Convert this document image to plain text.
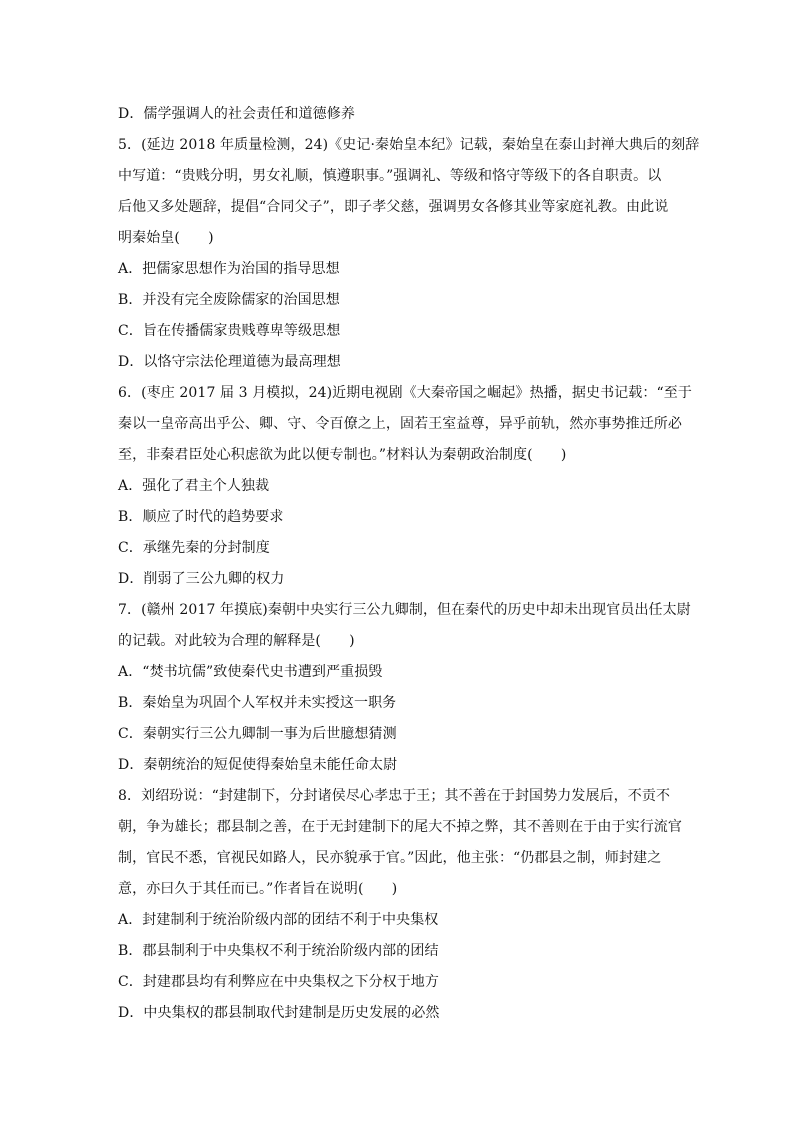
D．儒学强调人的社会责任和道德修养
5．(延边 2018 年质量检测，24)《史记·秦始皇本纪》记载，秦始皇在泰山封禅大典后的刻辞
中写道：“贵贱分明，男女礼顺，慎遵职事。”强调礼、等级和恪守等级下的各自职责。以
后他又多处题辞，提倡“合同父子”，即子孝父慈，强调男女各修其业等家庭礼教。由此说
明秦始皇(　　)
A．把儒家思想作为治国的指导思想
B．并没有完全废除儒家的治国思想
C．旨在传播儒家贵贱尊卑等级思想
D．以恪守宗法伦理道德为最高理想
6．(枣庄 2017 届 3 月模拟，24)近期电视剧《大秦帝国之崛起》热播，据史书记载：“至于
秦以一皇帝高出乎公、卿、守、令百僚之上，固若王室益尊，异乎前轨，然亦事势推迁所必
至，非秦君臣处心积虑欲为此以便专制也。”材料认为秦朝政治制度(　　)
A．强化了君主个人独裁
B．顺应了时代的趋势要求
C．承继先秦的分封制度
D．削弱了三公九卿的权力
7．(赣州 2017 年摸底)秦朝中央实行三公九卿制，但在秦代的历史中却未出现官员出任太尉
的记载。对此较为合理的解释是(　　)
A．“焚书坑儒”致使秦代史书遭到严重损毁
B．秦始皇为巩固个人军权并未实授这一职务
C．秦朝实行三公九卿制一事为后世臆想猜测
D．秦朝统治的短促使得秦始皇未能任命太尉
8．刘绍玢说：“封建制下，分封诸侯尽心孝忠于王；其不善在于封国势力发展后，不贡不
朝，争为雄长；郡县制之善，在于无封建制下的尾大不掉之弊，其不善则在于由于实行流官
制，官民不悉，官视民如路人，民亦貌承于官。”因此，他主张：“仍郡县之制，师封建之
意，亦曰久于其任而已。”作者旨在说明(　　)
A．封建制利于统治阶级内部的团结不利于中央集权
B．郡县制利于中央集权不利于统治阶级内部的团结
C．封建郡县均有利弊应在中央集权之下分权于地方
D．中央集权的郡县制取代封建制是历史发展的必然
